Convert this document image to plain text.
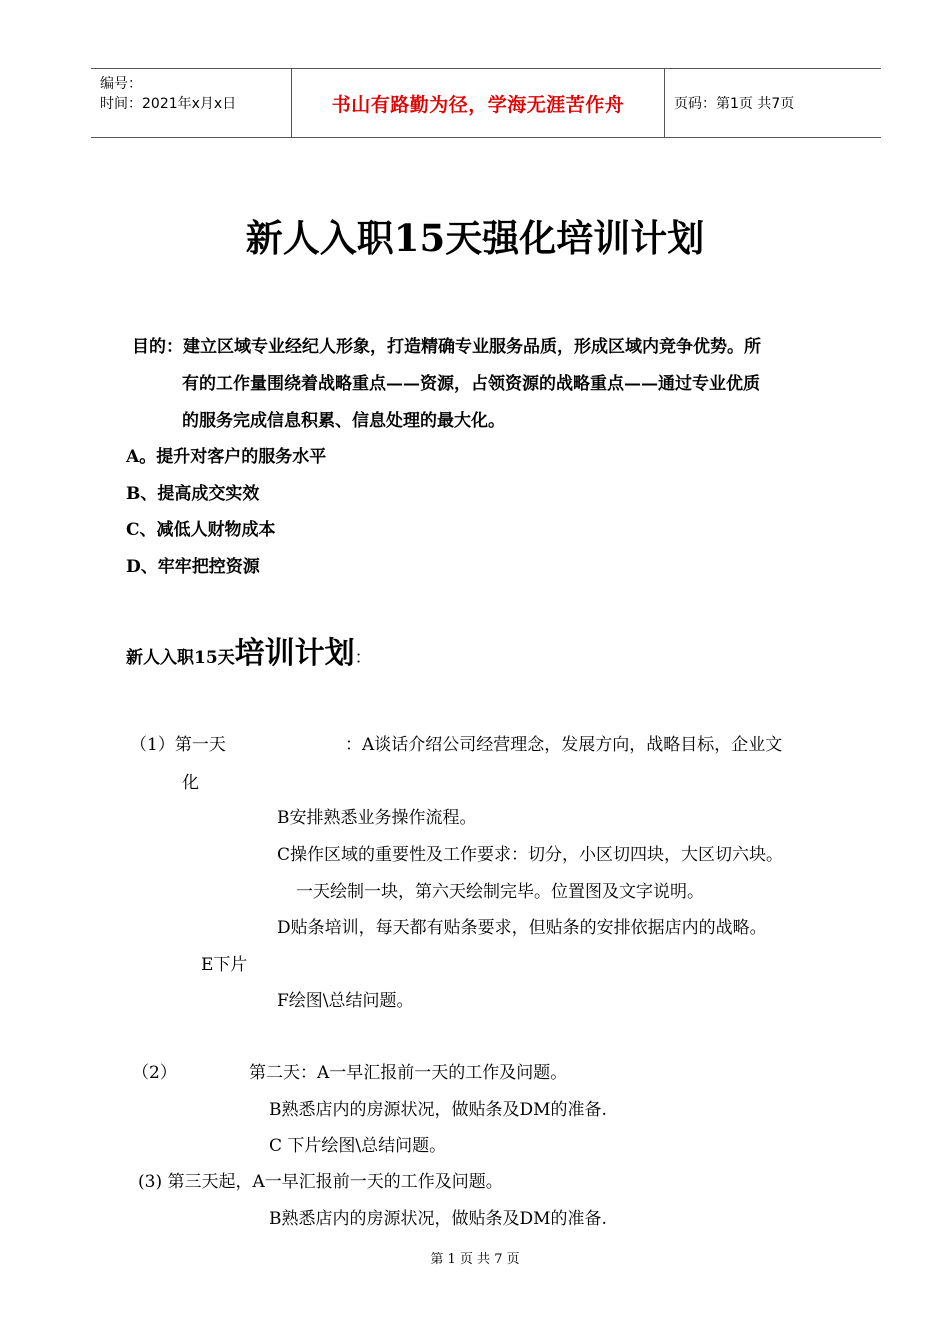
编号：
时间：2021年x月x日	书山有路勤为径，学海无涯苦作舟	页码：第1页 共7页
新人入职15天强化培训计划
目的：建立区域专业经纪人形象，打造精确专业服务品质，形成区域内竞争优势。所
有的工作量围绕着战略重点——资源，占领资源的战略重点——通过专业优质
的服务完成信息积累、信息处理的最大化。
A。提升对客户的服务水平
B、提高成交实效
C、减低人财物成本
D、牢牢把控资源
新人入职15天培训计划：
（1）第一天	：A谈话介绍公司经营理念，发展方向，战略目标，企业文
化
B安排熟悉业务操作流程。
C操作区域的重要性及工作要求：切分，小区切四块，大区切六块。
一天绘制一块，第六天绘制完毕。位置图及文字说明。
D贴条培训，每天都有贴条要求，但贴条的安排依据店内的战略。
E下片
F绘图\总结问题。
（2）	第二天：A一早汇报前一天的工作及问题。
B熟悉店内的房源状况，做贴条及DM的准备.
C 下片绘图\总结问题。
(3) 第三天起，A一早汇报前一天的工作及问题。
B熟悉店内的房源状况，做贴条及DM的准备.
第 1 页 共 7 页
